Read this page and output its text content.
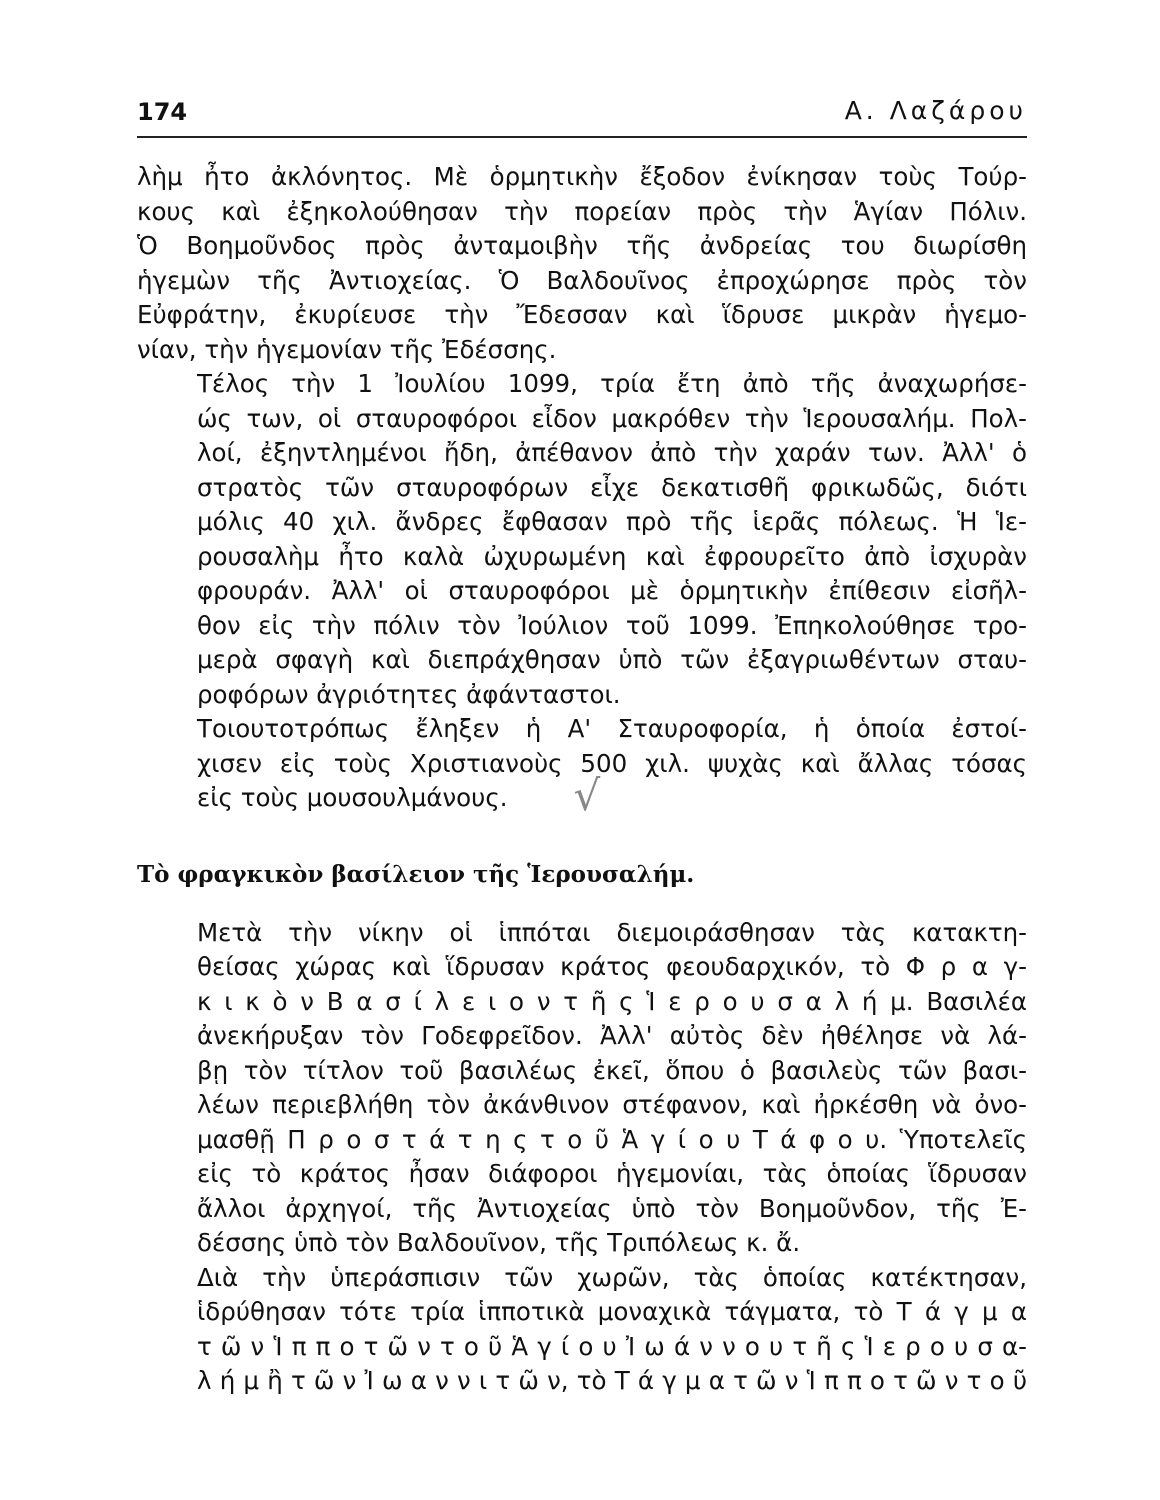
174	Α. Λαζάρου

λὴμ ἦτο ἀκλόνητος. Μὲ ὁρμητικὴν ἔξοδον ἐνίκησαν τοὺς Τούρ-
κους καὶ ἐξηκολούθησαν τὴν πορείαν πρὸς τὴν Ἁγίαν Πόλιν.
Ὁ Βοημοῦνδος πρὸς ἀνταμοιβὴν τῆς ἀνδρείας του διωρίσθη
ἡγεμὼν τῆς Ἀντιοχείας. Ὁ Βαλδουῖνος ἐπροχώρησε πρὸς τὸν
Εὐφράτην, ἐκυρίευσε τὴν Ἔδεσσαν καὶ ἵδρυσε μικρὰν ἡγεμο-
νίαν, τὴν ἡγεμονίαν τῆς Ἐδέσσης.

Τέλος τὴν 1 Ἰουλίου 1099, τρία ἔτη ἀπὸ τῆς ἀναχωρήσε-
ώς των, οἱ σταυροφόροι εἶδον μακρόθεν τὴν Ἱερουσαλήμ. Πολ-
λοί, ἐξηντλημένοι ἤδη, ἀπέθανον ἀπὸ τὴν χαράν των. Ἀλλ' ὁ
στρατὸς τῶν σταυροφόρων εἶχε δεκατισθῆ φρικωδῶς, διότι
μόλις 40 χιλ. ἄνδρες ἔφθασαν πρὸ τῆς ἱερᾶς πόλεως. Ἡ Ἱε-
ρουσαλὴμ ἦτο καλὰ ὠχυρωμένη καὶ ἐφρουρεῖτο ἀπὸ ἰσχυρὰν
φρουράν. Ἀλλ' οἱ σταυροφόροι μὲ ὁρμητικὴν ἐπίθεσιν εἰσῆλ-
θον εἰς τὴν πόλιν τὸν Ἰούλιον τοῦ 1099. Ἐπηκολούθησε τρο-
μερὰ σφαγὴ καὶ διεπράχθησαν ὑπὸ τῶν ἐξαγριωθέντων σταυ-
ροφόρων ἀγριότητες ἀφάνταστοι.

Τοιουτοτρόπως ἔληξεν ἡ Α' Σταυροφορία, ἡ ὁποία ἐστοί-
χισεν εἰς τοὺς Χριστιανοὺς 500 χιλ. ψυχὰς καὶ ἄλλας τόσας
εἰς τοὺς μουσουλμάνους. √

Τὸ φραγκικὸν βασίλειον τῆς Ἱερουσαλήμ.

Μετὰ τὴν νίκην οἱ ἱππόται διεμοιράσθησαν τὰς κατακτη-
θείσας χώρας καὶ ἵδρυσαν κράτος φεουδαρχικόν, τὸ Φ ρ α γ-
κ ι κ ὸ ν Β α σ ί λ ε ι ο ν τ ῆ ς Ἱ ε ρ ο υ σ α λ ή μ. Βασιλέα
ἀνεκήρυξαν τὸν Γοδεφρεῖδον. Ἀλλ' αὐτὸς δὲν ἠθέλησε νὰ λά-
βῃ τὸν τίτλον τοῦ βασιλέως ἐκεῖ, ὅπου ὁ βασιλεὺς τῶν βασι-
λέων περιεβλήθη τὸν ἀκάνθινον στέφανον, καὶ ἠρκέσθη νὰ ὀνο-
μασθῇ Π ρ ο σ τ ά τ η ς τ ο ῦ Ἁ γ ί ο υ Τ ά φ ο υ. Ὑποτελεῖς
εἰς τὸ κράτος ἦσαν διάφοροι ἡγεμονίαι, τὰς ὁποίας ἵδρυσαν
ἄλλοι ἀρχηγοί, τῆς Ἀντιοχείας ὑπὸ τὸν Βοημοῦνδον, τῆς Ἐ-
δέσσης ὑπὸ τὸν Βαλδουῖνον, τῆς Τριπόλεως κ. ἄ.

Διὰ τὴν ὑπεράσπισιν τῶν χωρῶν, τὰς ὁποίας κατέκτησαν,
ἱδρύθησαν τότε τρία ἱπποτικὰ μοναχικὰ τάγματα, τὸ Τ ά γ μ α
τ ῶ ν Ἱ π π ο τ ῶ ν τ ο ῦ Ἁ γ ί ο υ Ἰ ω ά ν ν ο υ τ ῆ ς Ἱ ε ρ ο υ σ α-
λ ή μ ἢ τ ῶ ν Ἰ ω α ν ν ι τ ῶ ν, τὸ Τ ά γ μ α τ ῶ ν Ἱ π π ο τ ῶ ν τ ο ῦ
